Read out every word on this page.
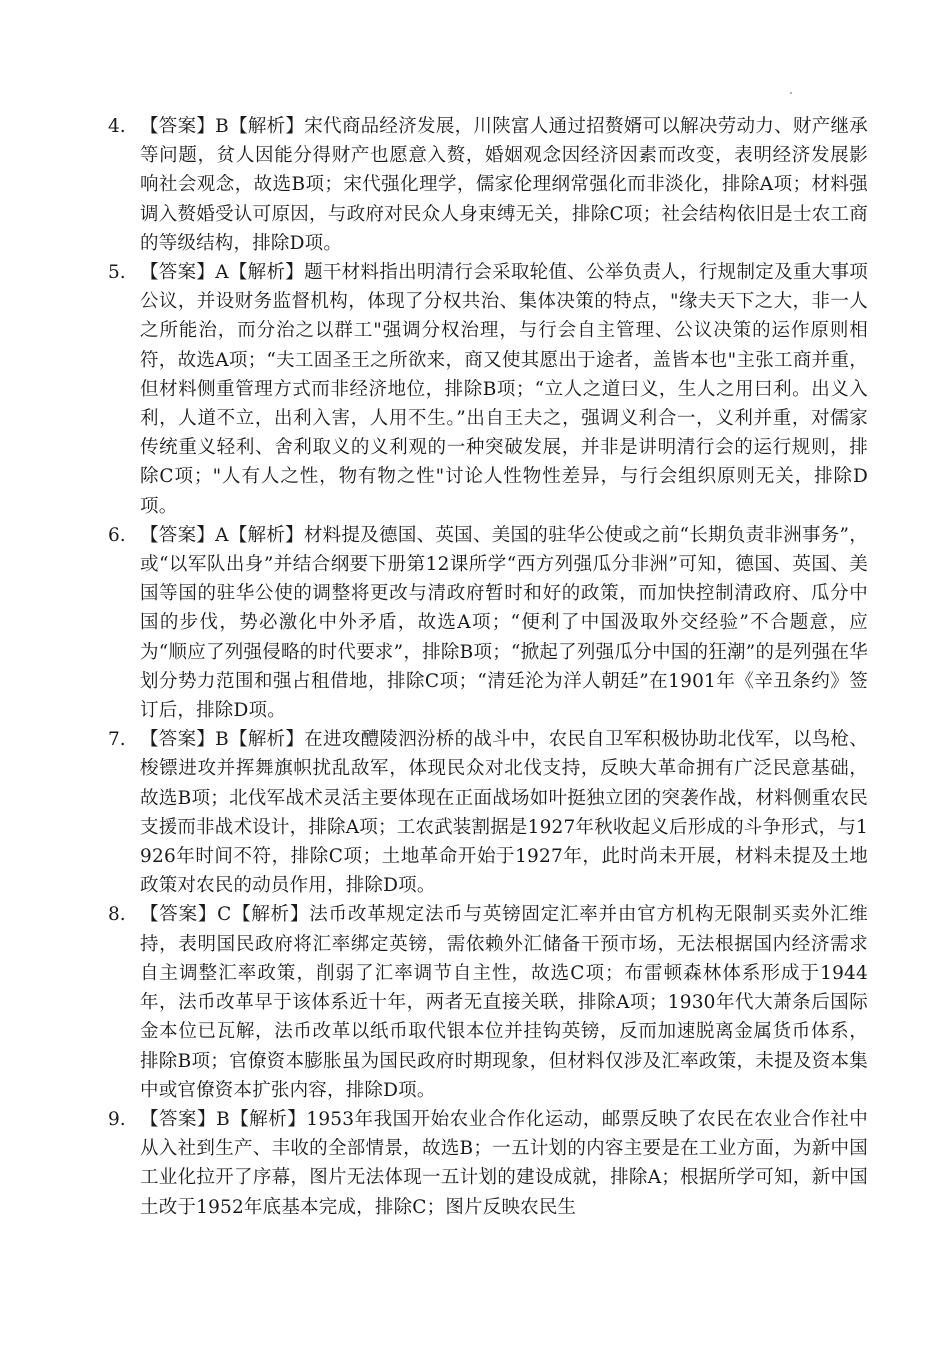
4. 【答案】B【解析】宋代商品经济发展，川陕富人通过招赘婿可以解决劳动力、财产继承等问题，贫人因能分得财产也愿意入赘，婚姻观念因经济因素而改变，表明经济发展影响社会观念，故选B项；宋代强化理学，儒家伦理纲常强化而非淡化，排除A项；材料强调入赘婚受认可原因，与政府对民众人身束缚无关，排除C项；社会结构依旧是士农工商的等级结构，排除D项。
5. 【答案】A【解析】题干材料指出明清行会采取轮值、公举负责人，行规制定及重大事项公议，并设财务监督机构，体现了分权共治、集体决策的特点，"缘夫天下之大，非一人之所能治，而分治之以群工"强调分权治理，与行会自主管理、公议决策的运作原则相符，故选A项；“夫工固圣王之所欲来，商又使其愿出于途者，盖皆本也"主张工商并重，但材料侧重管理方式而非经济地位，排除B项；“立人之道曰义，生人之用曰利。出义入利，人道不立，出利入害，人用不生。”出自王夫之，强调义利合一，义利并重，对儒家传统重义轻利、舍利取义的义利观的一种突破发展，并非是讲明清行会的运行规则，排除C项；"人有人之性，物有物之性"讨论人性物性差异，与行会组织原则无关，排除D项。
6. 【答案】A【解析】材料提及德国、英国、美国的驻华公使或之前“长期负责非洲事务”，或“以军队出身”并结合纲要下册第12课所学“西方列强瓜分非洲”可知，德国、英国、美国等国的驻华公使的调整将更改与清政府暂时和好的政策，而加快控制清政府、瓜分中国的步伐，势必激化中外矛盾，故选A项；“便利了中国汲取外交经验”不合题意，应为“顺应了列强侵略的时代要求”，排除B项；“掀起了列强瓜分中国的狂潮”的是列强在华划分势力范围和强占租借地，排除C项；“清廷沦为洋人朝廷”在1901年《辛丑条约》签订后，排除D项。
7. 【答案】B【解析】在进攻醴陵泗汾桥的战斗中，农民自卫军积极协助北伐军，以鸟枪、梭镖进攻并挥舞旗帜扰乱敌军，体现民众对北伐支持，反映大革命拥有广泛民意基础，故选B项；北伐军战术灵活主要体现在正面战场如叶挺独立团的突袭作战，材料侧重农民支援而非战术设计，排除A项；工农武装割据是1927年秋收起义后形成的斗争形式，与1926年时间不符，排除C项；土地革命开始于1927年，此时尚未开展，材料未提及土地政策对农民的动员作用，排除D项。
8. 【答案】C【解析】法币改革规定法币与英镑固定汇率并由官方机构无限制买卖外汇维持，表明国民政府将汇率绑定英镑，需依赖外汇储备干预市场，无法根据国内经济需求自主调整汇率政策，削弱了汇率调节自主性，故选C项；布雷顿森林体系形成于1944年，法币改革早于该体系近十年，两者无直接关联，排除A项；1930年代大萧条后国际金本位已瓦解，法币改革以纸币取代银本位并挂钩英镑，反而加速脱离金属货币体系，排除B项；官僚资本膨胀虽为国民政府时期现象，但材料仅涉及汇率政策，未提及资本集中或官僚资本扩张内容，排除D项。
9. 【答案】B【解析】1953年我国开始农业合作化运动，邮票反映了农民在农业合作社中从入社到生产、丰收的全部情景，故选B；一五计划的内容主要是在工业方面，为新中国工业化拉开了序幕，图片无法体现一五计划的建设成就，排除A；根据所学可知，新中国土改于1952年底基本完成，排除C；图片反映农民生
